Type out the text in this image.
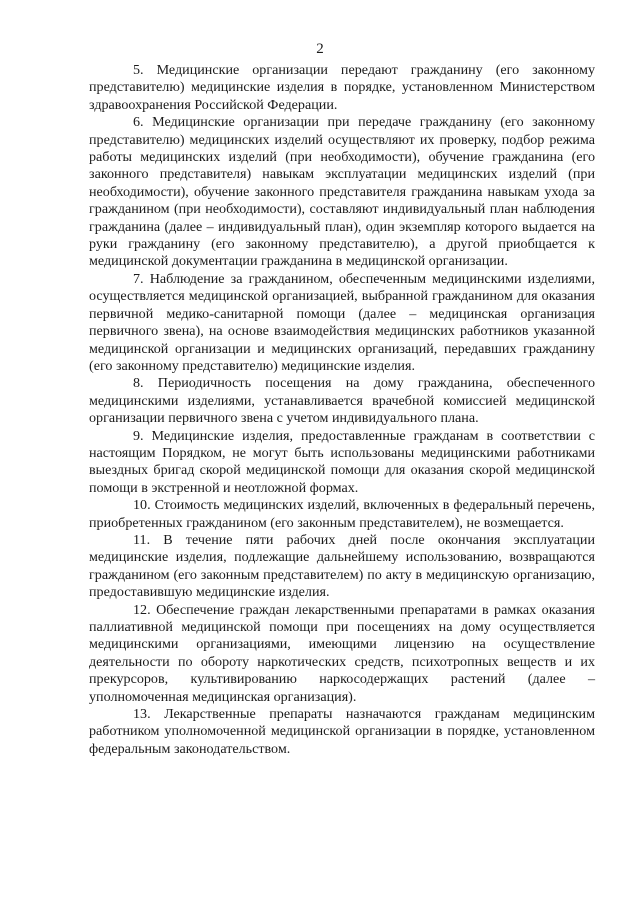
2

5. Медицинские организации передают гражданину (его законному представителю) медицинские изделия в порядке, установленном Министерством здравоохранения Российской Федерации.

6. Медицинские организации при передаче гражданину (его законному представителю) медицинских изделий осуществляют их проверку, подбор режима работы медицинских изделий (при необходимости), обучение гражданина (его законного представителя) навыкам эксплуатации медицинских изделий (при необходимости), обучение законного представителя гражданина навыкам ухода за гражданином (при необходимости), составляют индивидуальный план наблюдения гражданина (далее – индивидуальный план), один экземпляр которого выдается на руки гражданину (его законному представителю), а другой приобщается к медицинской документации гражданина в медицинской организации.

7. Наблюдение за гражданином, обеспеченным медицинскими изделиями, осуществляется медицинской организацией, выбранной гражданином для оказания первичной медико-санитарной помощи (далее – медицинская организация первичного звена), на основе взаимодействия медицинских работников указанной медицинской организации и медицинских организаций, передавших гражданину (его законному представителю) медицинские изделия.

8. Периодичность посещения на дому гражданина, обеспеченного медицинскими изделиями, устанавливается врачебной комиссией медицинской организации первичного звена с учетом индивидуального плана.

9. Медицинские изделия, предоставленные гражданам в соответствии с настоящим Порядком, не могут быть использованы медицинскими работниками выездных бригад скорой медицинской помощи для оказания скорой медицинской помощи в экстренной и неотложной формах.

10. Стоимость медицинских изделий, включенных в федеральный перечень, приобретенных гражданином (его законным представителем), не возмещается.

11. В течение пяти рабочих дней после окончания эксплуатации медицинские изделия, подлежащие дальнейшему использованию, возвращаются гражданином (его законным представителем) по акту в медицинскую организацию, предоставившую медицинские изделия.

12. Обеспечение граждан лекарственными препаратами в рамках оказания паллиативной медицинской помощи при посещениях на дому осуществляется медицинскими организациями, имеющими лицензию на осуществление деятельности по обороту наркотических средств, психотропных веществ и их прекурсоров, культивированию наркосодержащих растений (далее – уполномоченная медицинская организация).

13. Лекарственные препараты назначаются гражданам медицинским работником уполномоченной медицинской организации в порядке, установленном федеральным законодательством.
